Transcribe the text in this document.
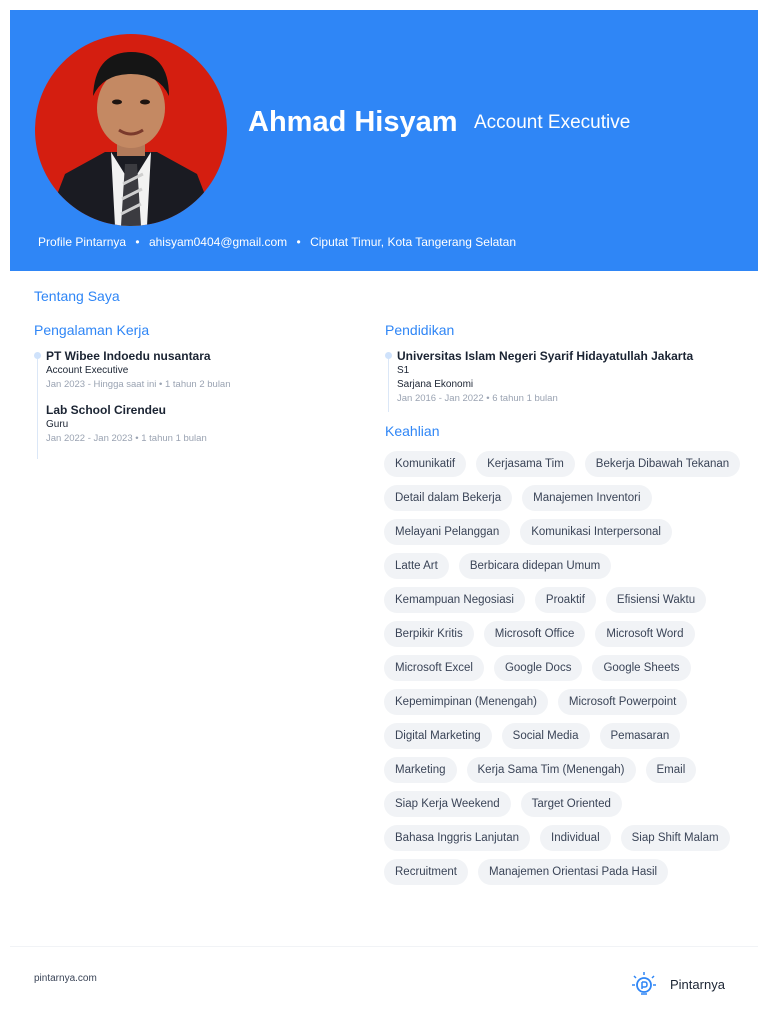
Ahmad Hisyam Account Executive
Profile Pintarnya • ahisyam0404@gmail.com • Ciputat Timur, Kota Tangerang Selatan
Tentang Saya
Pengalaman Kerja	Pendidikan
Keahlian
PT Wibee Indoedu nusantara
Account Executive
Jan 2023 - Hingga saat ini • 1 tahun 2 bulan
Lab School Cirendeu
Guru
Jan 2022 - Jan 2023 • 1 tahun 1 bulan
Universitas Islam Negeri Syarif Hidayatullah Jakarta
S1
Sarjana Ekonomi
Jan 2016 - Jan 2022 • 6 tahun 1 bulan
Komunikatif	Kerjasama Tim	Bekerja Dibawah Tekanan
Detail dalam Bekerja	Manajemen Inventori
Melayani Pelanggan	Komunikasi Interpersonal
Latte Art	Berbicara didepan Umum
Kemampuan Negosiasi	Proaktif	Efisiensi Waktu
Berpikir Kritis	Microsoft Office	Microsoft Word
Microsoft Excel	Google Docs	Google Sheets
Kepemimpinan (Menengah)	Microsoft Powerpoint
Digital Marketing	Social Media	Pemasaran
Marketing	Kerja Sama Tim (Menengah)	Email
Siap Kerja Weekend	Target Oriented
Bahasa Inggris Lanjutan	Individual	Siap Shift Malam
Recruitment	Manajemen Orientasi Pada Hasil
pintarnya.com	Pintarnya
